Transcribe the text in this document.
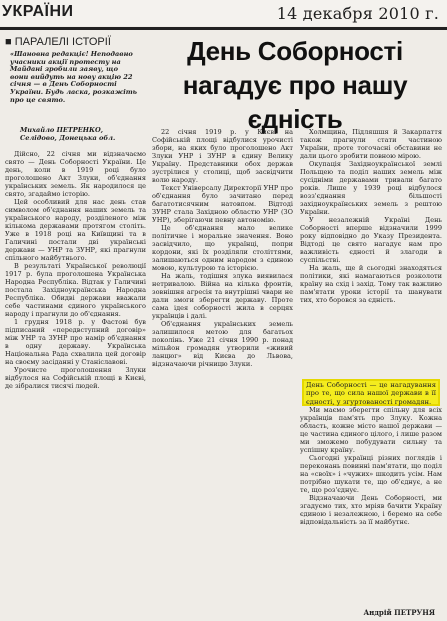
УКРАЇНИ	14 декабря 2010 г.
■ ПАРАЛЕЛІ ІСТОРІЇ
«Шановна редакціє! Неподавно учасники акції протесту на Майдані зробили заяву, що вони вийдуть на нову акцію 22 січня — в День Соборності України. Будь ласка, розкажіть про це свято.
Михайло ПЕТРЕНКО, Селідово, Донецька обл.
День Соборності нагадує про нашу єдність

Дійсно, 22 січня ми відзначаємо свято — День Соборності України. Це день, коли в 1919 році було проголошено Акт Злуки, об'єднання українських земель. Як народилося це свято, згадаймо історію.

Цей особливий для нас день став символом об'єднання наших земель та українського народу, розділеного між кількома державами протягом століть. Уже в 1918 році на Київщині та в Галичині постали дві українські держави — УНР та ЗУНР, які прагнули спільного майбутнього.

В результаті Української революції 1917 р. була проголошена Українська Народна Республіка. Відтак у Галичині постала Західноукраїнська Народна Республіка. Обидві держави вважали себе частинами єдиного українського народу і прагнули до об'єднання.

1 грудня 1918 р. у Фастові був підписаний «передвступний договір» між УНР та ЗУНР про намір об'єднання в одну державу. Українська Національна Рада схвалила цей договір на своєму засіданні у Станіславові.

Урочисте проголошення Злуки відбулося на Софійській площі в Києві, де зібралися тисячі людей.

22 січня 1919 р. у Києві на Софійській площі відбулися урочисті збори, на яких було проголошено Акт Злуки УНР і ЗУНР в єдину Велику Україну. Представники обох держав зустрілися у столиці, щоб засвідчити волю народу.

Текст Універсалу Директорії УНР про об'єднання було зачитано перед багатотисячним натовпом. Відтоді ЗУНР стала Західною областю УНР (ЗО УНР), зберігаючи певну автономію.

Це об'єднання мало велике політичне і моральне значення. Воно засвідчило, що українці, попри кордони, які їх розділяли століттями, залишаються одним народом з єдиною мовою, культурою та історією.

На жаль, тодішня злука виявилася нетривалою. Війна на кілька фронтів, зовнішня агресія та внутрішні чвари не дали змоги зберегти державу. Проте сама ідея соборності жила в серцях українців і далі.

Об'єднання українських земель залишилося метою для багатьох поколінь. Уже 21 січня 1990 р. понад мільйон громадян утворили «живий ланцюг» від Києва до Львова, відзначаючи річницю Злуки.

Холмщина, Підляшшя й Закарпаття також прагнули стати частиною України, проте тогочасні обставини не дали цього зробити повною мірою.

Окупація Західноукраїнської землі Польщею та поділ наших земель між сусідніми державами тривали багато років. Лише у 1939 році відбулося возз'єднання більшості західноукраїнських земель з рештою України.

У незалежній Україні День Соборності вперше відзначили 1999 року відповідно до Указу Президента. Відтоді це свято нагадує нам про важливість єдності й злагоди в суспільстві.

На жаль, ще й сьогодні знаходяться політики, які намагаються розколоти країну на схід і захід. Тому так важливо пам'ятати уроки історії та шанувати тих, хто боровся за єдність.

День Соборності — це нагадування про те, що сила нашої держави в її єдності, у згуртованості громадян.

Ми маємо зберегти спільну для всіх українців пам'ять про Злуку. Кожна область, кожне місто нашої держави — це частина єдиного цілого, і лише разом ми зможемо побудувати сильну та успішну країну.

Сьогодні українці різних поглядів і переконань повинні пам'ятати, що поділ на «своїх» і «чужих» шкодить усім. Нам потрібно шукати те, що об'єднує, а не те, що роз'єднує.

Відзначаючи День Соборності, ми згадуємо тих, хто мріяв бачити Україну єдиною і незалежною, і беремо на себе відповідальність за її майбутнє.

Андрій ПЕТРУНЯ
